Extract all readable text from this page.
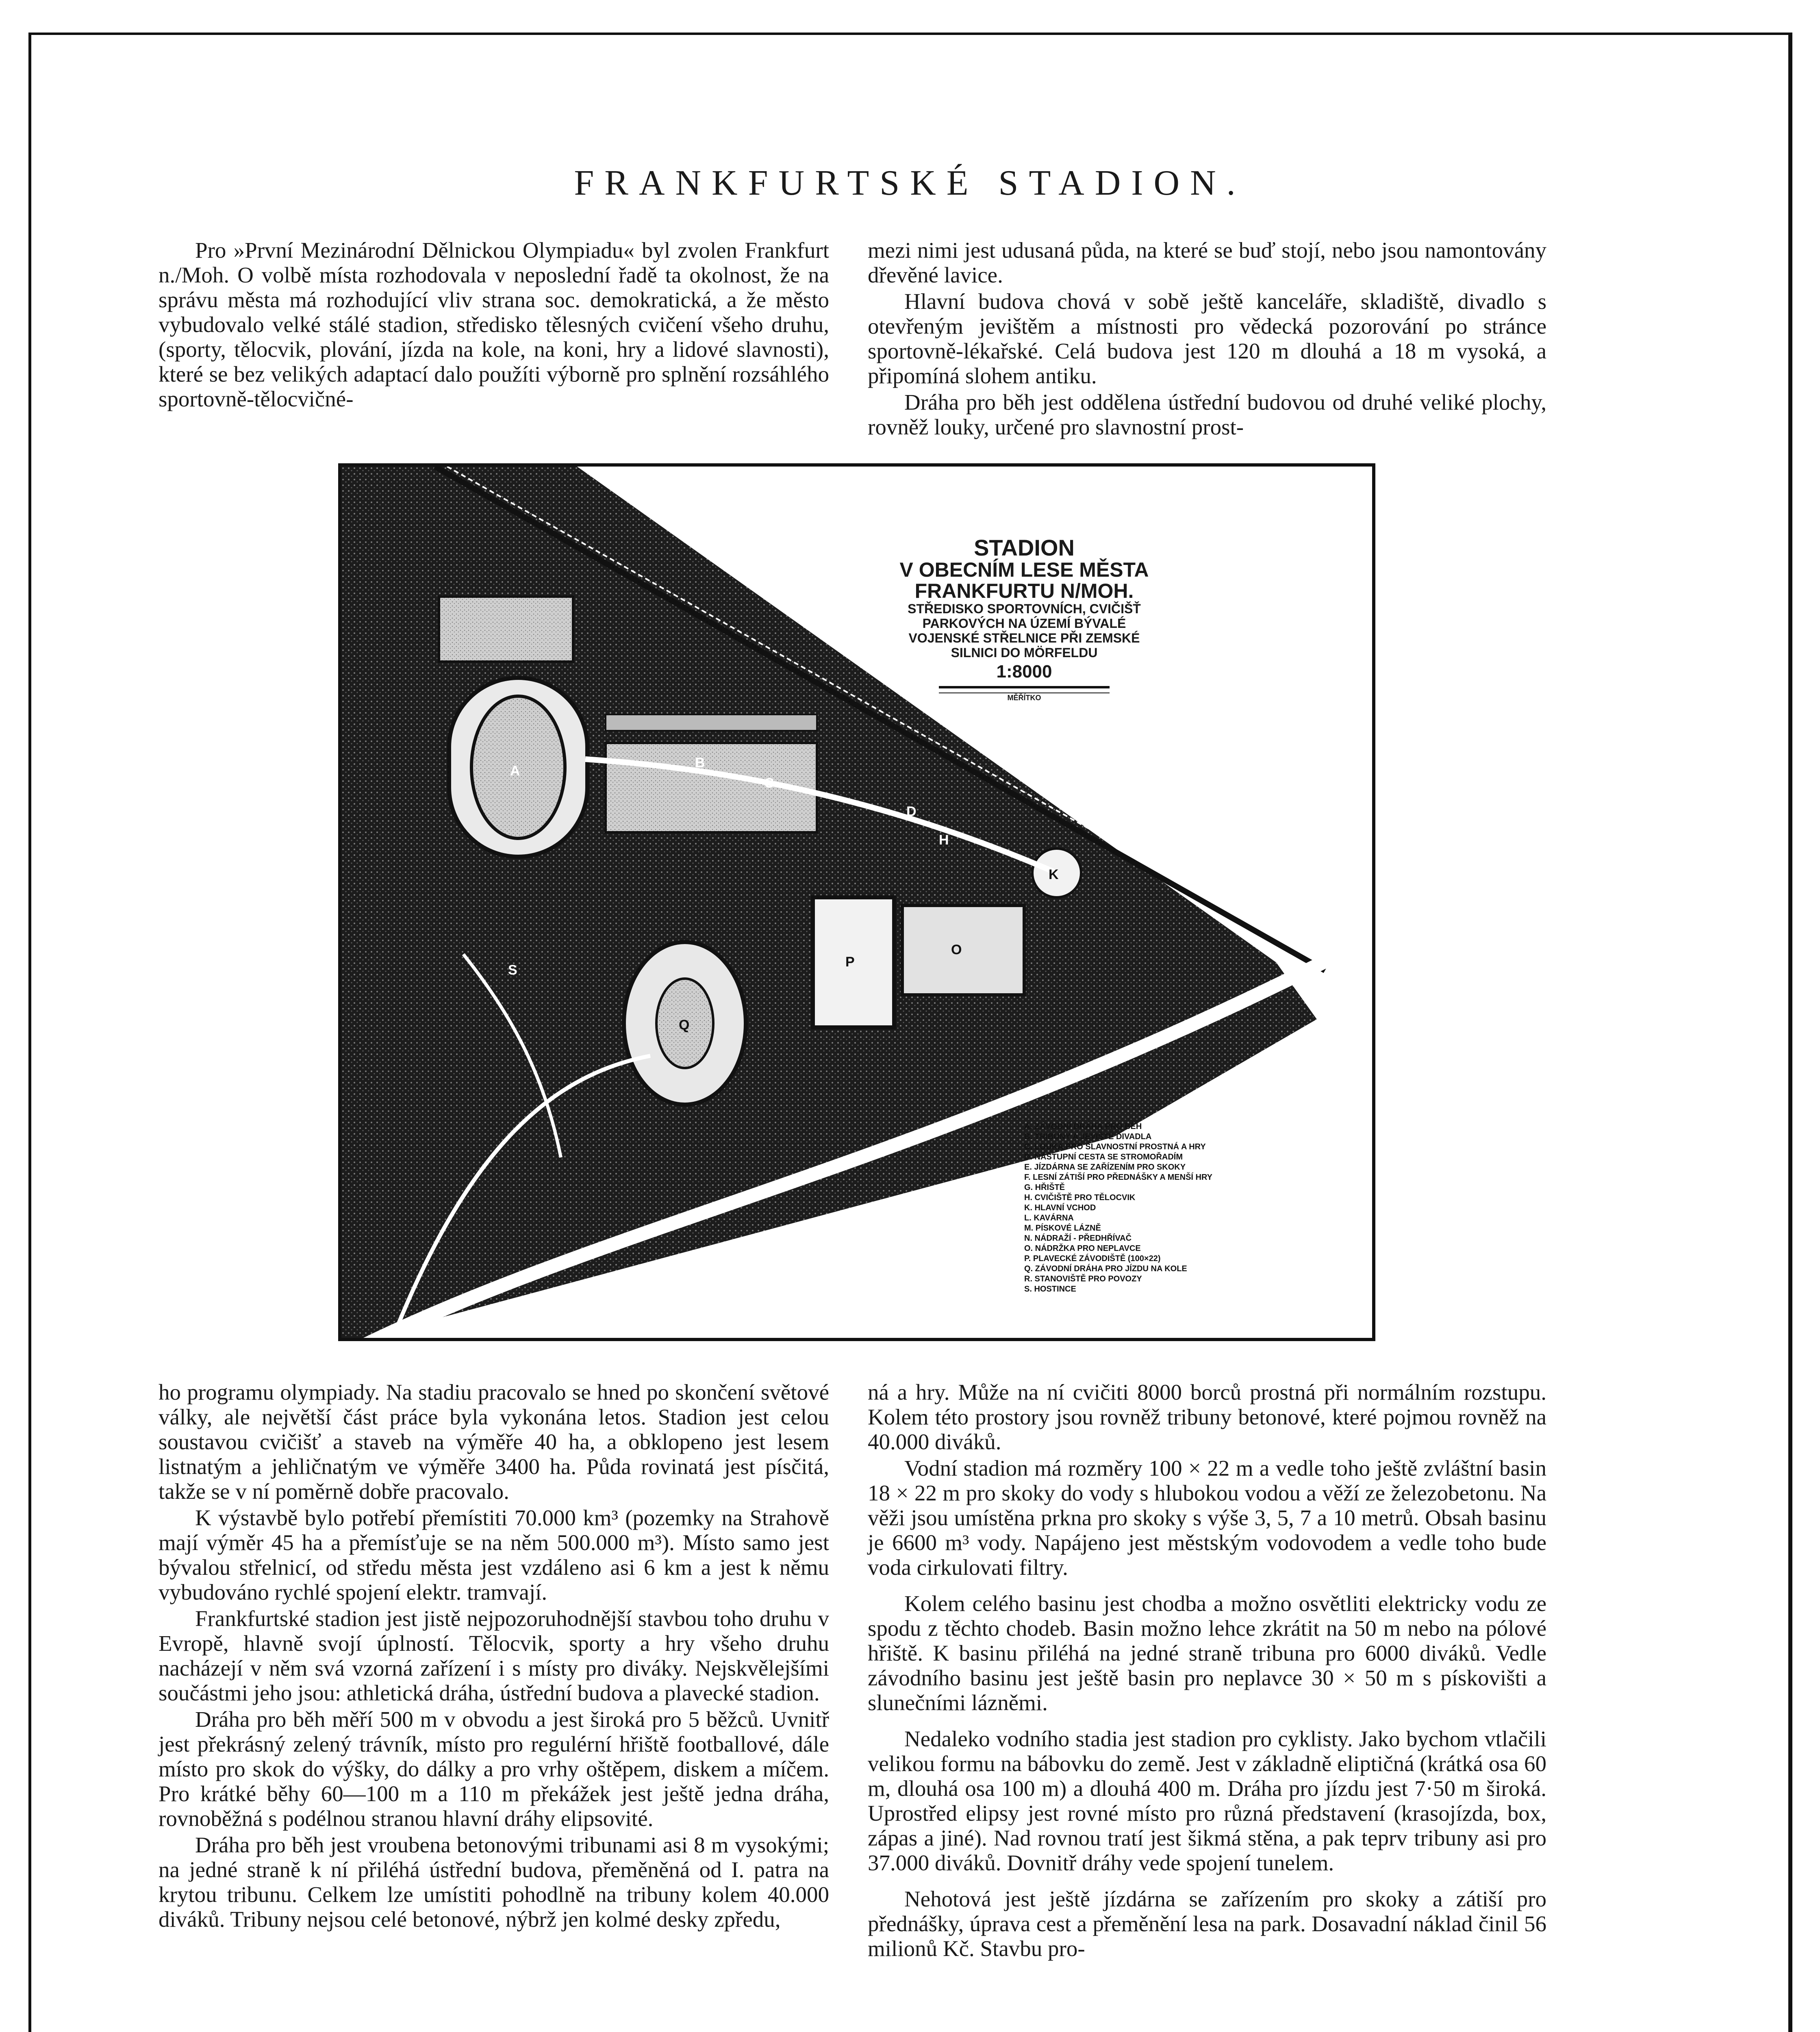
FRANKFURTSKÉ STADION.

Pro »První Mezinárodní Dělnickou Olympiadu« byl zvolen Frankfurt n./Moh. O volbě místa rozhodovala v neposlední řadě ta okolnost, že na správu města má rozhodující vliv strana soc. demokratická, a že město vybudovalo velké stálé stadion, středisko tělesných cvičení všeho druhu, (sporty, tělocvik, plování, jízda na kole, na koni, hry a lidové slavnosti), které se bez velikých adaptací dalo použíti výborně pro splnění rozsáhlého sportovně-tělocvičné-

mezi nimi jest udusaná půda, na které se buď stojí, nebo jsou namontovány dřevěné lavice.

Hlavní budova chová v sobě ještě kanceláře, skladiště, divadlo s otevřeným jevištěm a místnosti pro vědecká pozorování po stránce sportovně-lékařské. Celá budova jest 120 m dlouhá a 18 m vysoká, a připomíná slohem antiku.

Dráha pro běh jest oddělena ústřední budovou od druhé veliké plochy, rovněž louky, určené pro slavnostní prost-

A
B
C
D
H
K
Q
S
P
O
STADION
V OBECNÍM LESE MĚSTA
FRANKFURTU N/MOH.
STŘEDISKO SPORTOVNÍCH, CVIČIŠŤ
PARKOVÝCH NA ÚZEMÍ BÝVALÉ
VOJENSKÉ STŘELNICE PŘI ZEMSKÉ
SILNICI DO MÖRFELDU
1:8000
MĚŘÍTKO
A. ZÁVODNÍ DRÁHA PRO BĚH
B. TRIBUNY A JEVIŠTĚ DIVADLA
C. LOUKA PRO SLAVNOSTNÍ PROSTNÁ A HRY
D. NÁSTUPNÍ CESTA SE STROMOŘADÍM
E. JÍZDÁRNA SE ZAŘÍZENÍM PRO SKOKY
F. LESNÍ ZÁTIŠÍ PRO PŘEDNÁŠKY A MENŠÍ HRY
G. HŘIŠTĚ
H. CVIČIŠTĚ PRO TĚLOCVIK
K. HLAVNÍ VCHOD
L. KAVÁRNA
M. PÍSKOVÉ LÁZNĚ
N. NÁDRAŽÍ - PŘEDHŘÍVAČ
O. NÁDRŽKA PRO NEPLAVCE
P. PLAVECKÉ ZÁVODIŠTĚ (100×22)
Q. ZÁVODNÍ DRÁHA PRO JÍZDU NA KOLE
R. STANOVIŠTĚ PRO POVOZY
S. HOSTINCE

ho programu olympiady. Na stadiu pracovalo se hned po skončení světové války, ale největší část práce byla vykonána letos. Stadion jest celou soustavou cvičišť a staveb na výměře 40 ha, a obklopeno jest lesem listnatým a jehličnatým ve výměře 3400 ha. Půda rovinatá jest písčitá, takže se v ní poměrně dobře pracovalo.

K výstavbě bylo potřebí přemístiti 70.000 km³ (pozemky na Strahově mají výměr 45 ha a přemísťuje se na něm 500.000 m³). Místo samo jest bývalou střelnicí, od středu města jest vzdáleno asi 6 km a jest k němu vybudováno rychlé spojení elektr. tramvají.

Frankfurtské stadion jest jistě nejpozoruhodnější stavbou toho druhu v Evropě, hlavně svojí úplností. Tělocvik, sporty a hry všeho druhu nacházejí v něm svá vzorná zařízení i s místy pro diváky. Nejskvělejšími součástmi jeho jsou: athletická dráha, ústřední budova a plavecké stadion.

Dráha pro běh měří 500 m v obvodu a jest široká pro 5 běžců. Uvnitř jest překrásný zelený trávník, místo pro regulérní hřiště footballové, dále místo pro skok do výšky, do dálky a pro vrhy oštěpem, diskem a míčem. Pro krátké běhy 60—100 m a 110 m překážek jest ještě jedna dráha, rovnoběžná s podélnou stranou hlavní dráhy elipsovité.

Dráha pro běh jest vroubena betonovými tribunami asi 8 m vysokými; na jedné straně k ní přiléhá ústřední budova, přeměněná od I. patra na krytou tribunu. Celkem lze umístiti pohodlně na tribuny kolem 40.000 diváků. Tribuny nejsou celé betonové, nýbrž jen kolmé desky zpředu,

ná a hry. Může na ní cvičiti 8000 borců prostná při normálním rozstupu. Kolem této prostory jsou rovněž tribuny betonové, které pojmou rovněž na 40.000 diváků.

Vodní stadion má rozměry 100 × 22 m a vedle toho ještě zvláštní basin 18 × 22 m pro skoky do vody s hlubokou vodou a věží ze železobetonu. Na věži jsou umístěna prkna pro skoky s výše 3, 5, 7 a 10 metrů. Obsah basinu je 6600 m³ vody. Napájeno jest městským vodovodem a vedle toho bude voda cirkulovati filtry.

Kolem celého basinu jest chodba a možno osvětliti elektricky vodu ze spodu z těchto chodeb. Basin možno lehce zkrátit na 50 m nebo na pólové hřiště. K basinu přiléhá na jedné straně tribuna pro 6000 diváků. Vedle závodního basinu jest ještě basin pro neplavce 30 × 50 m s pískovišti a slunečními lázněmi.

Nedaleko vodního stadia jest stadion pro cyklisty. Jako bychom vtlačili velikou formu na bábovku do země. Jest v základně eliptičná (krátká osa 60 m, dlouhá osa 100 m) a dlouhá 400 m. Dráha pro jízdu jest 7·50 m široká. Uprostřed elipsy jest rovné místo pro různá představení (krasojízda, box, zápas a jiné). Nad rovnou tratí jest šikmá stěna, a pak teprv tribuny asi pro 37.000 diváků. Dovnitř dráhy vede spojení tunelem.

Nehotová jest ještě jízdárna se zařízením pro skoky a zátiší pro přednášky, úprava cest a přeměnění lesa na park. Dosavadní náklad činil 56 milionů Kč. Stavbu pro-
